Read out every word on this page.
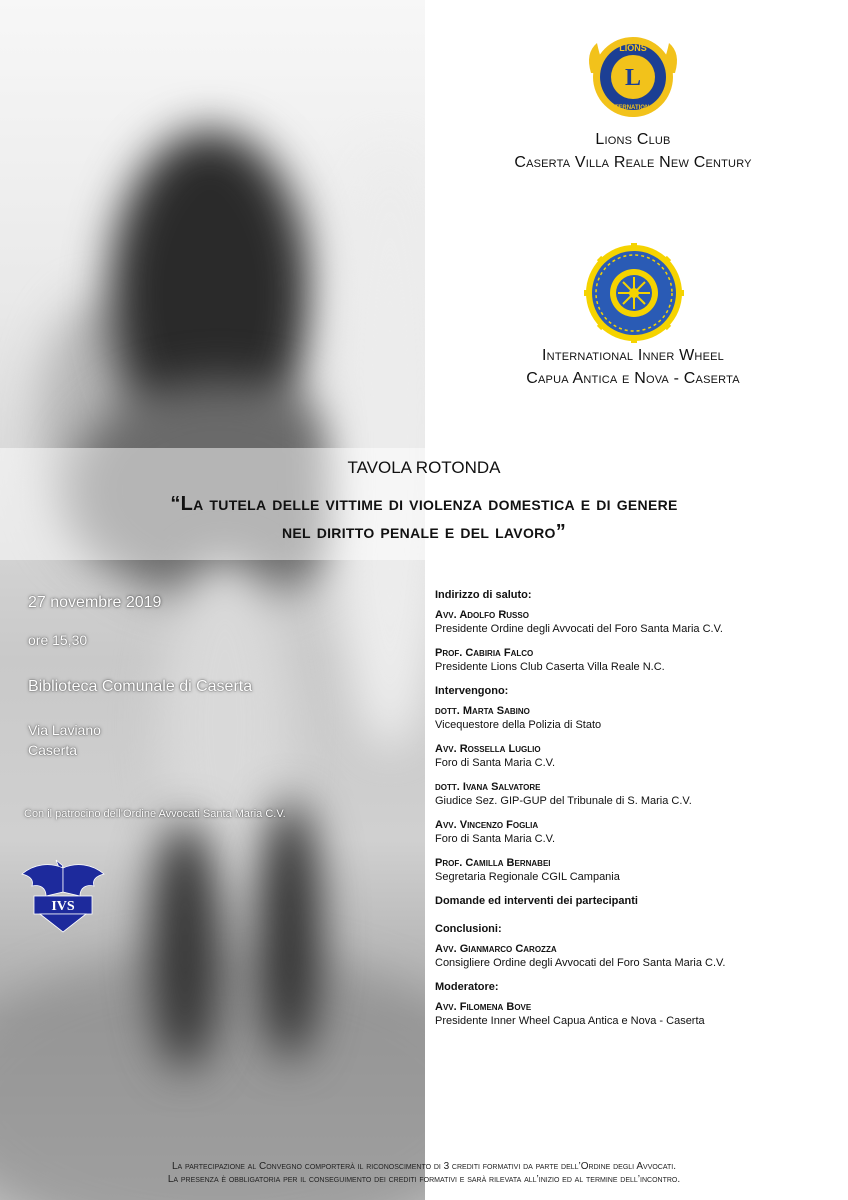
L
LIONS
INTERNATIONAL
Lions Club
Caserta Villa Reale New Century
International Inner Wheel
Capua Antica e Nova - Caserta
TAVOLA ROTONDA
“La tutela delle vittime di violenza domestica e di genere
nel diritto penale e del lavoro”
27 novembre 2019
ore 15,30
Biblioteca Comunale di Caserta
Via Laviano
Caserta
Con il patrocino dell’Ordine Avvocati Santa Maria C.V.
IVS
Indirizzo di saluto:
Avv. Adolfo Russo
Presidente Ordine degli Avvocati del Foro Santa Maria C.V.
Prof. Cabiria Falco
Presidente Lions Club Caserta Villa Reale N.C.
Intervengono:
dott. Marta Sabino
Vicequestore della Polizia di Stato
Avv. Rossella Luglio
Foro di Santa Maria C.V.
dott. Ivana Salvatore
Giudice Sez. GIP-GUP del Tribunale di S. Maria C.V.
Avv. Vincenzo Foglia
Foro di Santa Maria C.V.
Prof. Camilla Bernabei
Segretaria Regionale CGIL Campania
Domande ed interventi dei partecipanti
Conclusioni:
Avv. Gianmarco Carozza
Consigliere Ordine degli Avvocati del Foro Santa Maria C.V.
Moderatore:
Avv. Filomena Bove
Presidente Inner Wheel Capua Antica e Nova - Caserta
La partecipazione al Convegno comporterà il riconoscimento di 3 crediti formativi da parte dell’Ordine degli Avvocati.
La presenza è obbligatoria per il conseguimento dei crediti formativi e sarà rilevata all’inizio ed al termine dell’incontro.
